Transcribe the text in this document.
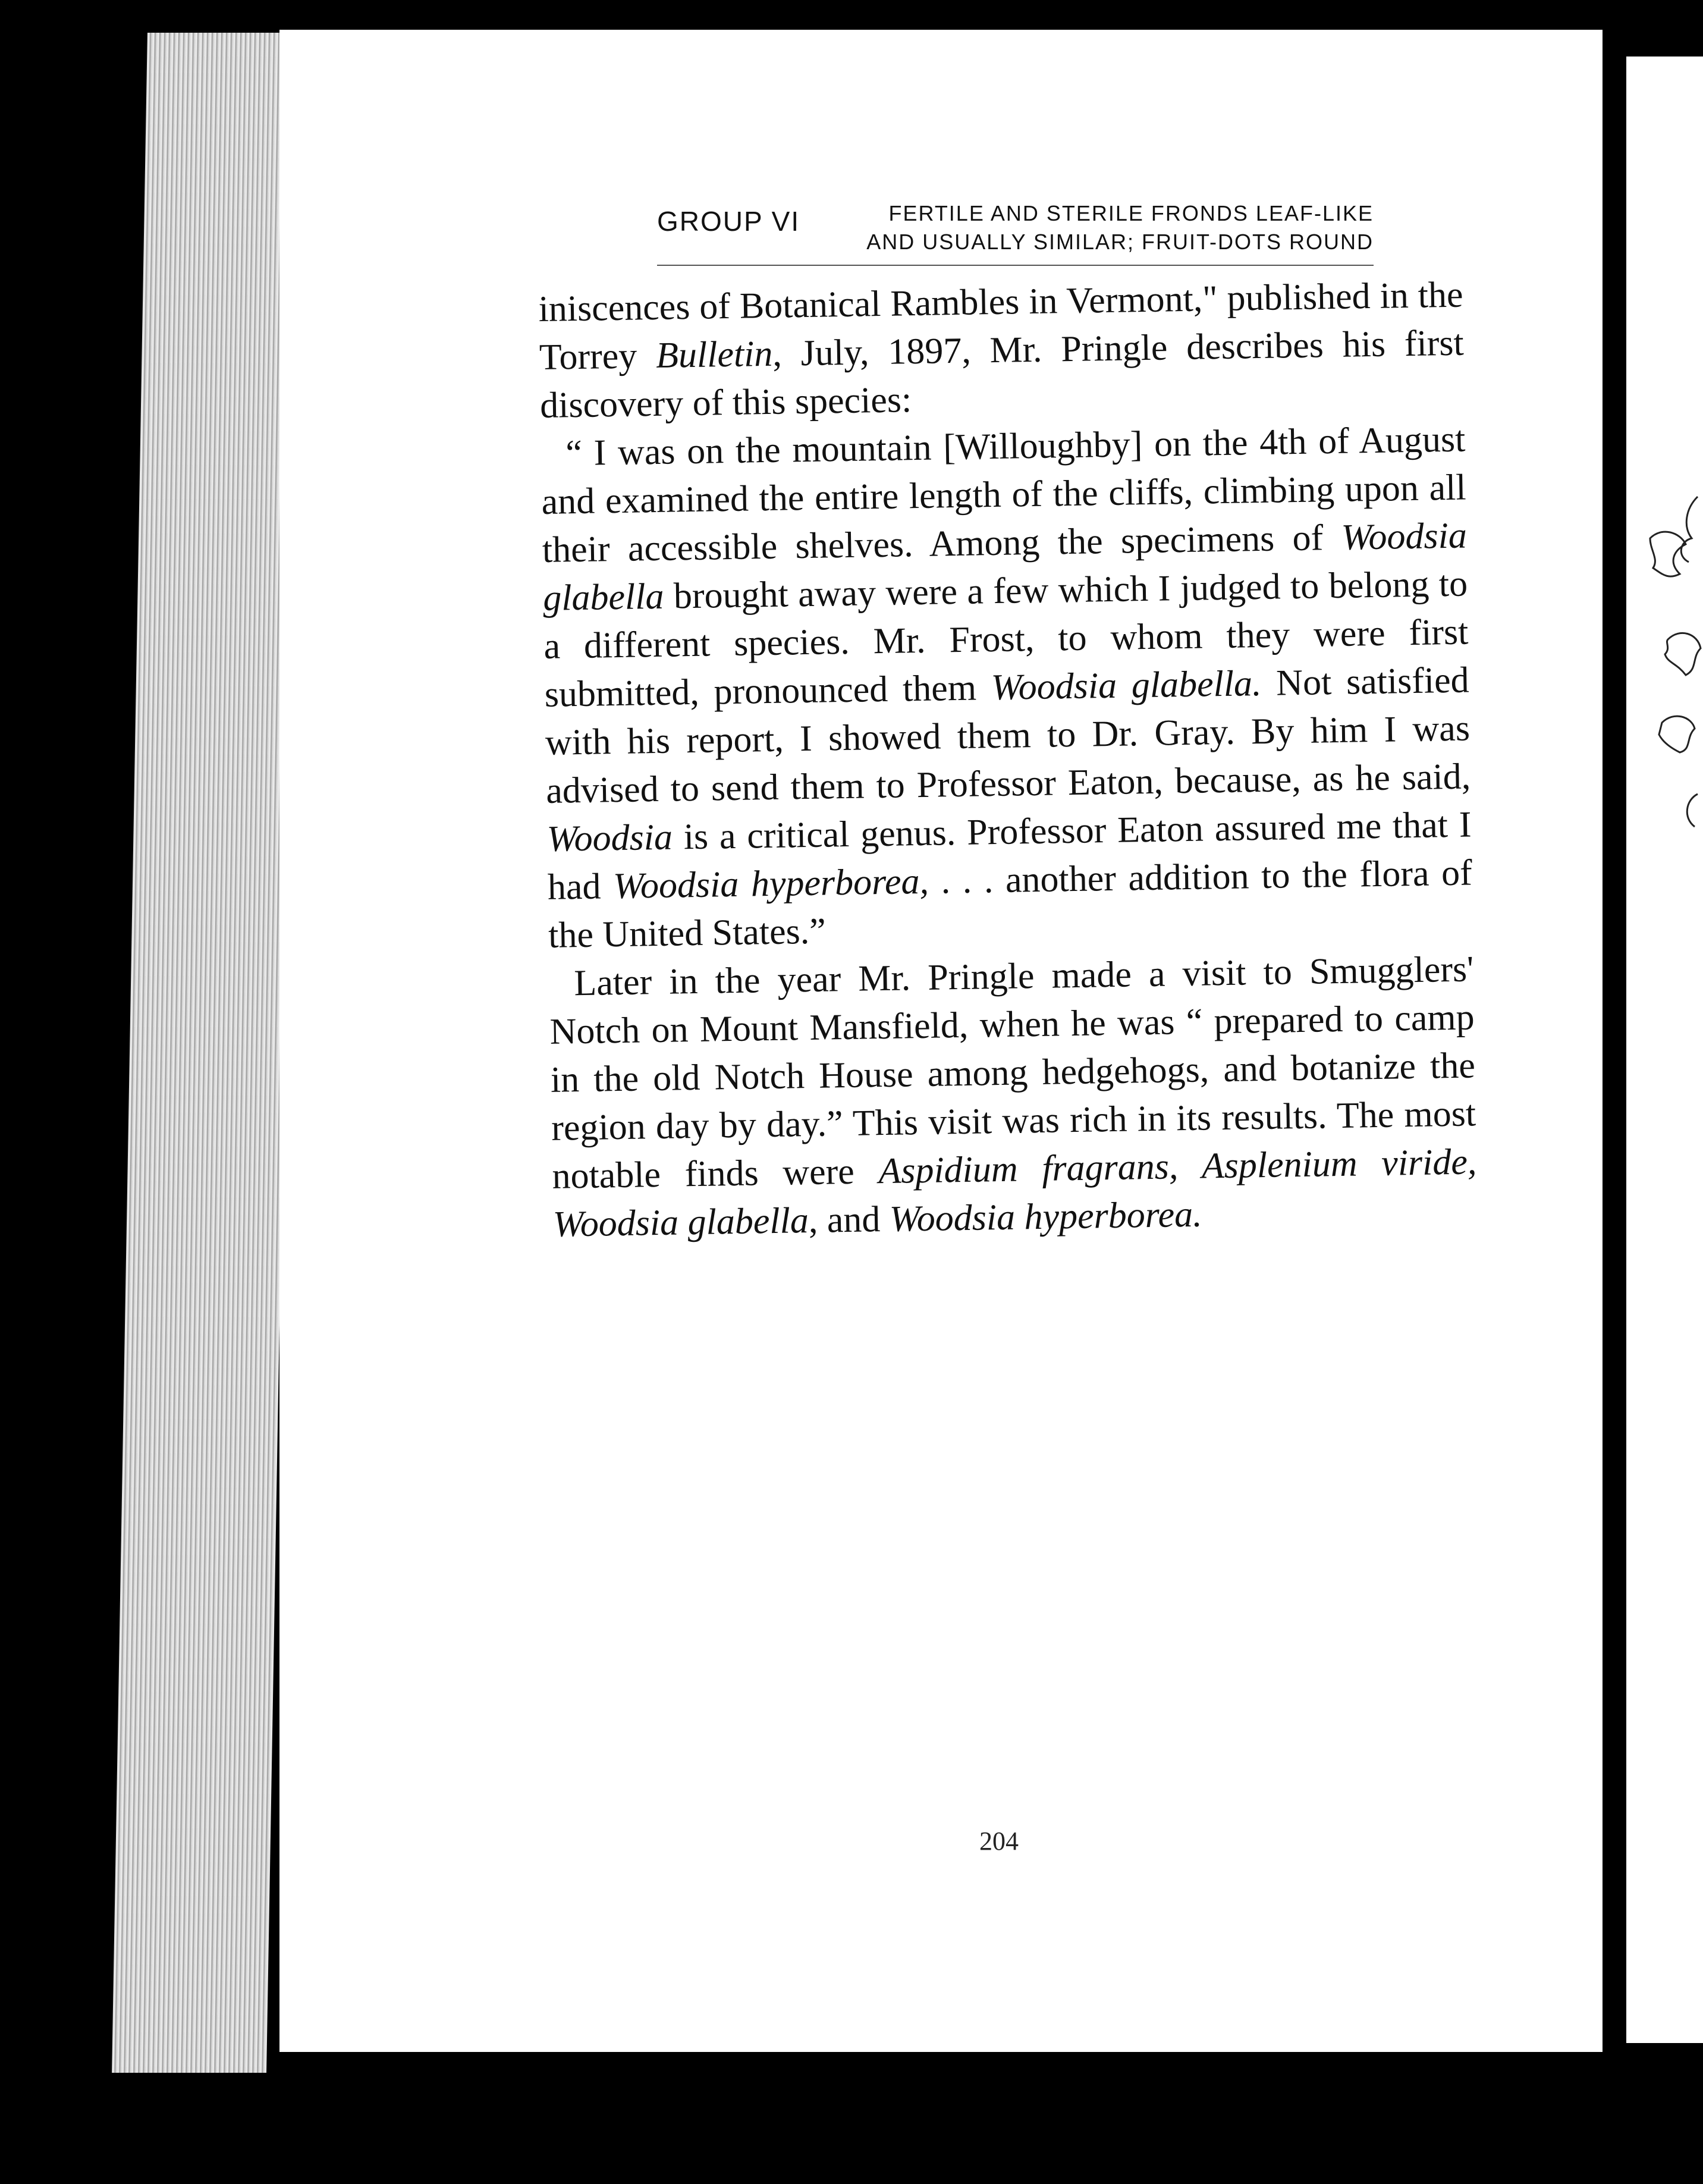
GROUP VI	FERTILE AND STERILE FRONDS LEAF-LIKE
AND USUALLY SIMILAR; FRUIT-DOTS ROUND

iniscences of Botanical Rambles in Vermont," published in the Torrey Bulletin, July, 1897, Mr. Pringle describes his first discovery of this species:

“ I was on the mountain [Willoughby] on the 4th of August and examined the entire length of the cliffs, climbing upon all their accessible shelves. Among the specimens of Woodsia glabella brought away were a few which I judged to belong to a different species. Mr. Frost, to whom they were first submitted, pronounced them Woodsia glabella. Not satisfied with his report, I showed them to Dr. Gray. By him I was advised to send them to Professor Eaton, because, as he said, Woodsia is a critical genus. Professor Eaton assured me that I had Woodsia hyperborea, . . . another addition to the flora of the United States.”

Later in the year Mr. Pringle made a visit to Smugglers' Notch on Mount Mansfield, when he was “ prepared to camp in the old Notch House among hedgehogs, and botanize the region day by day.” This visit was rich in its results. The most notable finds were Aspidium fragrans, Asplenium viride, Woodsia glabella, and Woodsia hyperborea.

204
